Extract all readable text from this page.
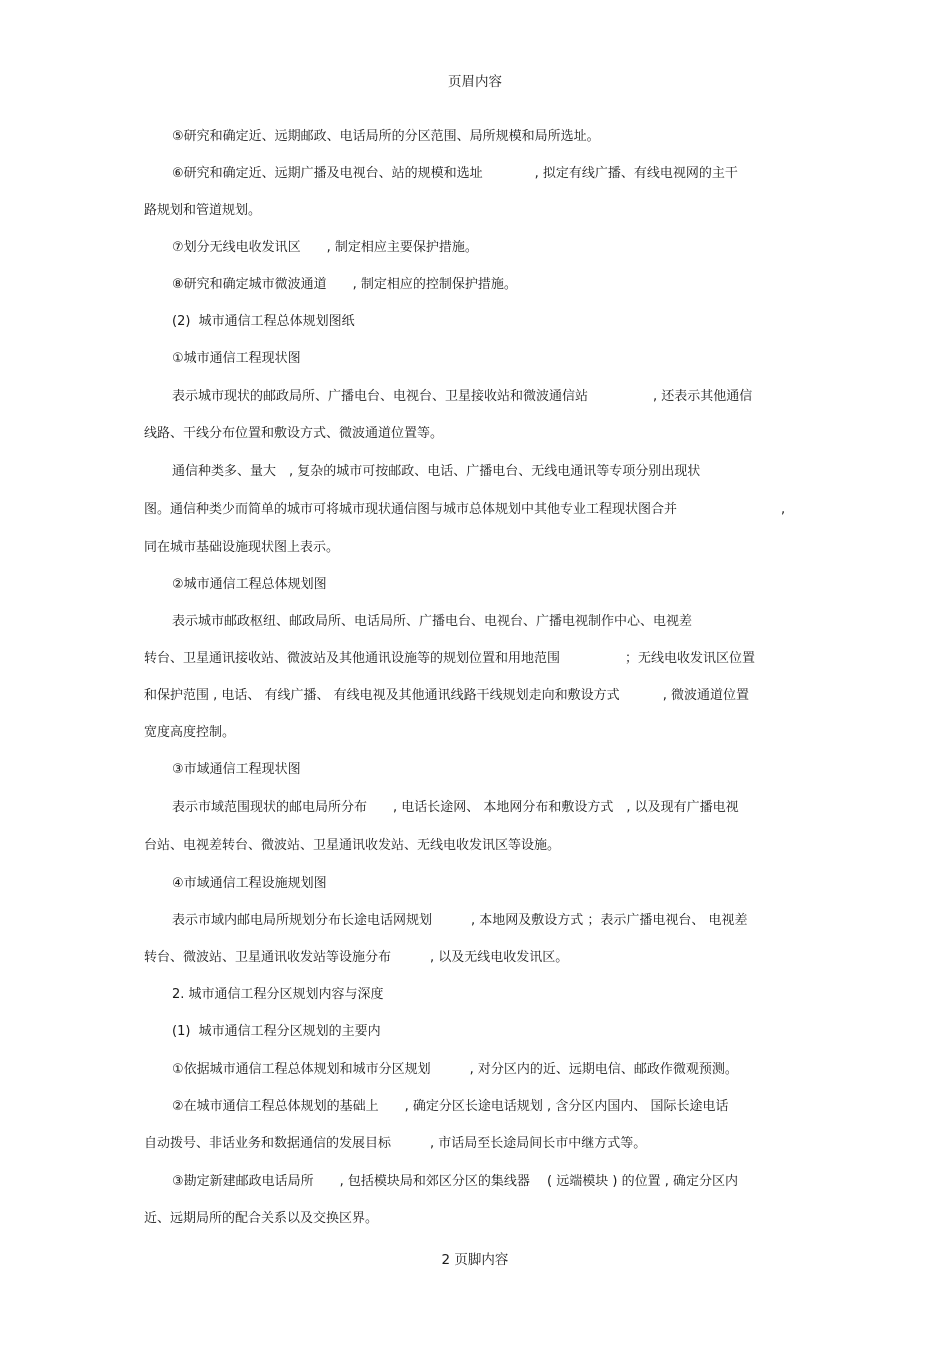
页眉内容
⑤研究和确定近、远期邮政、电话局所的分区范围、局所规模和局所选址。
⑥研究和确定近、远期广播及电视台、站的规模和选址　　　　, 拟定有线广播、有线电视网的主干
路规划和管道规划。
⑦划分无线电收发讯区　　, 制定相应主要保护措施。
⑧研究和确定城市微波通道　　, 制定相应的控制保护措施。
(2)  城市通信工程总体规划图纸
①城市通信工程现状图
表示城市现状的邮政局所、广播电台、电视台、卫星接收站和微波通信站　　　　　, 还表示其他通信
线路、干线分布位置和敷设方式、微波通道位置等。
通信种类多、量大　, 复杂的城市可按邮政、电话、广播电台、无线电通讯等专项分别出现状
图。通信种类少而简单的城市可将城市现状通信图与城市总体规划中其他专业工程现状图合并　　　　　　　　,
同在城市基础设施现状图上表示。
②城市通信工程总体规划图
表示城市邮政枢纽、邮政局所、电话局所、广播电台、电视台、广播电视制作中心、电视差
转台、卫星通讯接收站、微波站及其他通讯设施等的规划位置和用地范围　　　　　；无线电收发讯区位置
和保护范围 , 电话、 有线广播、 有线电视及其他通讯线路干线规划走向和敷设方式　　　 , 微波通道位置
宽度高度控制。
③市域通信工程现状图
表示市域范围现状的邮电局所分布　　, 电话长途网、 本地网分布和敷设方式　, 以及现有广播电视
台站、电视差转台、微波站、卫星通讯收发站、无线电收发讯区等设施。
④市域通信工程设施规划图
表示市域内邮电局所规划分布长途电话网规划　　　, 本地网及敷设方式 ；表示广播电视台、 电视差
转台、微波站、卫星通讯收发站等设施分布　　　, 以及无线电收发讯区。
2. 城市通信工程分区规划内容与深度
(1)  城市通信工程分区规划的主要内
①依据城市通信工程总体规划和城市分区规划　　　, 对分区内的近、远期电信、邮政作微观预测。
②在城市通信工程总体规划的基础上　　, 确定分区长途电话规划 , 含分区内国内、 国际长途电话
自动拨号、非话业务和数据通信的发展目标　　　, 市话局至长途局间长市中继方式等。
③勘定新建邮政电话局所　　, 包括模块局和郊区分区的集线器　 ( 远端模块 ) 的位置 , 确定分区内
近、远期局所的配合关系以及交换区界。
2 页脚内容
